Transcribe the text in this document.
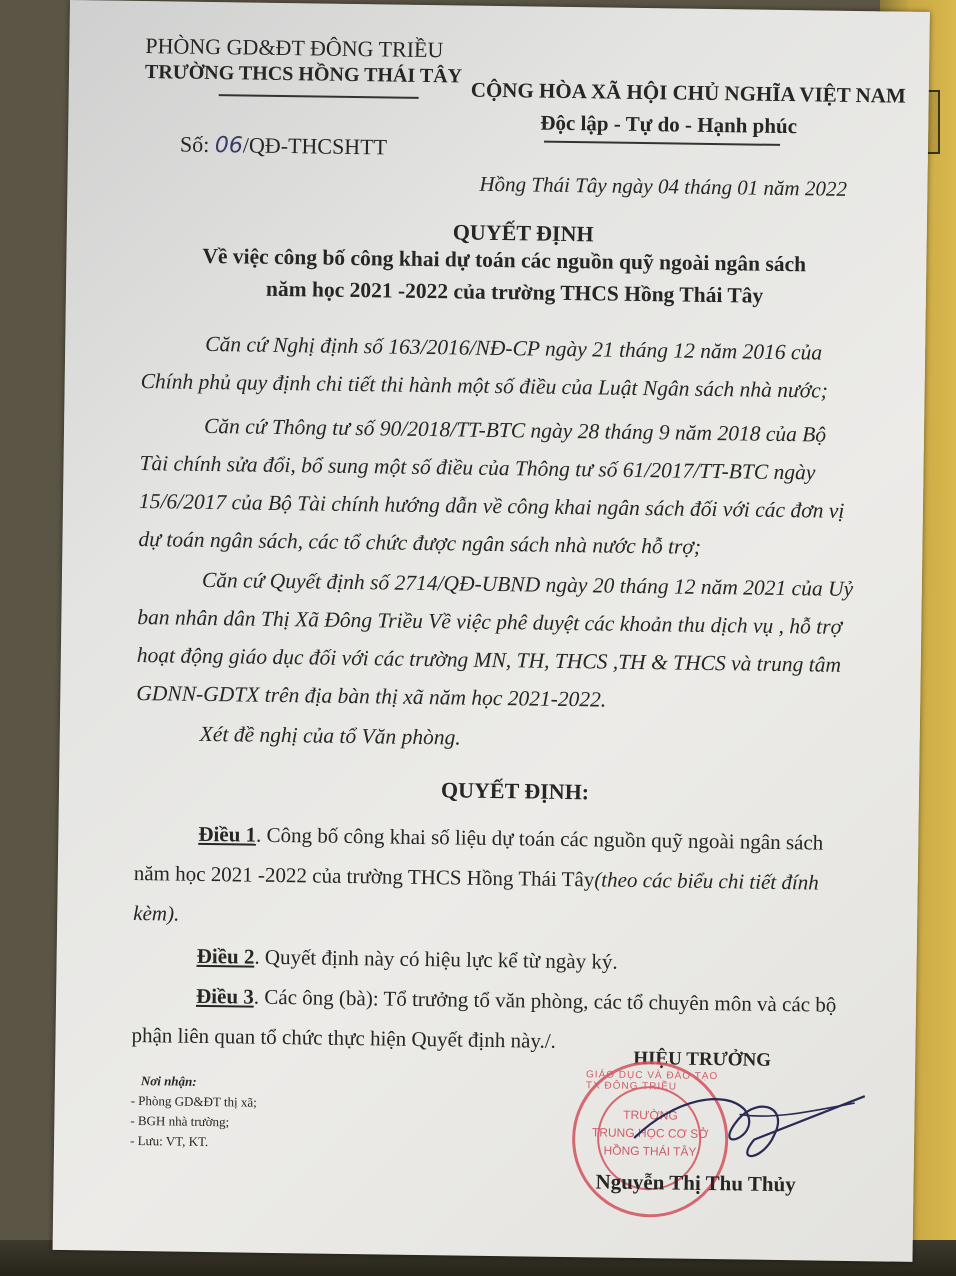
PHÒNG GD&ĐT ĐÔNG TRIỀU
TRƯỜNG THCS HỒNG THÁI TÂY
Số: 06/QĐ-THCSHTT
CỘNG HÒA XÃ HỘI CHỦ NGHĨA VIỆT NAM
Độc lập - Tự do - Hạnh phúc
Hồng Thái Tây ngày 04 tháng 01 năm 2022
QUYẾT ĐỊNH
Về việc công bố công khai dự toán các nguồn quỹ ngoài ngân sách
năm học 2021 -2022 của trường THCS Hồng Thái Tây
Căn cứ Nghị định số 163/2016/NĐ-CP ngày 21 tháng 12 năm 2016 của
Chính phủ quy định chi tiết thi hành một số điều của Luật Ngân sách nhà nước;
Căn cứ Thông tư số 90/2018/TT-BTC ngày 28 tháng 9 năm 2018 của Bộ
Tài chính sửa đổi, bổ sung một số điều của Thông tư số 61/2017/TT-BTC ngày
15/6/2017 của Bộ Tài chính hướng dẫn về công khai ngân sách đối với các đơn vị
dự toán ngân sách, các tổ chức được ngân sách nhà nước hỗ trợ;
Căn cứ Quyết định số 2714/QĐ-UBND ngày 20 tháng 12 năm 2021 của Uỷ
ban nhân dân Thị Xã Đông Triều Về việc phê duyệt các khoản thu dịch vụ , hỗ trợ
hoạt động giáo dục đối với các trường MN, TH, THCS ,TH & THCS và trung tâm
GDNN-GDTX trên địa bàn thị xã năm học 2021-2022.
Xét đề nghị của tổ Văn phòng.
QUYẾT ĐỊNH:
Điều 1. Công bố công khai số liệu dự toán các nguồn quỹ ngoài ngân sách
năm học 2021 -2022 của trường THCS Hồng Thái Tây(theo các biểu chi tiết đính
kèm).
Điều 2. Quyết định này có hiệu lực kể từ ngày ký.
Điều 3. Các ông (bà): Tổ trưởng tổ văn phòng, các tổ chuyên môn và các bộ
phận liên quan tổ chức thực hiện Quyết định này./.
Nơi nhận:
- Phòng GD&ĐT thị xã;
- BGH nhà trường;
- Lưu: VT, KT.
HIỆU TRƯỞNG
GIÁO DỤC VÀ ĐÀO TẠO TX ĐÔNG TRIỀU
TRƯỜNG
TRUNG HỌC CƠ SỞ
HỒNG THÁI TÂY
Nguyễn Thị Thu Thủy
